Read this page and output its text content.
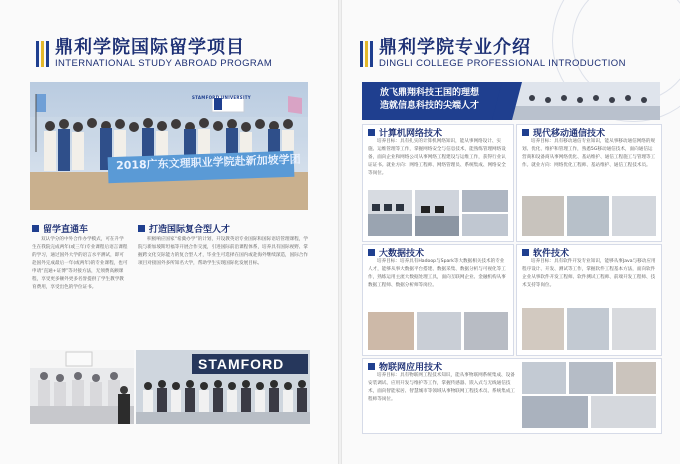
鼎利学院国际留学项目
INTERNATIONAL STUDY ABROAD PROGRAM
STAMFORD UNIVERSITY
2018广东文理职业学院赴新加坡学团
留学直通车
双认学分的中外合作办学模式，可在升学生在我院完成两年(或三年)专业课程后语言课程的学习，通过国外大学的语言水平测试，即可赴国外完成最后一年(或两年)的专业课程，也可申请“直通+证博”等对接方法，无须费高额课程，享受更多额外更多名誉提供了学生教学教育费用，享受出色的学位证书。
打造国际复合型人才
积极响应国家“希冀办学”的计划，开设教英语专业国际和国际语培管理课程，学院与新加坡斯坦福等开展合作交流，引进国际前沿课程体系，培养具有国际视野、掌握跨文化交际能力的复合型人才，毕业生可选择在国内或赴海外继续深造，国际合作项目对接国外多所知名大学，帮助学生实现国际化发展目标。
STAMFORD
鼎利学院专业介绍
DINGLI COLLEGE PROFESSIONAL INTRODUCTION
放飞鼎翔科技王国的理想
造就信息科技的尖端人才
计算机网络技术
培养目标：具有扎实的计算机网络知识，能从事网络设计、实施、运维管理等工作，掌握网络安全与信息技术，能熟练管理网络设备，面向企业和网络公司从事网络工程建设与运维工作，获得行业认证证书。就业方向：网络工程师、网络管理员、系统集成、网络安全等岗位。
现代移动通信技术
培养目标：具有移动通信专业知识，能从事移动通信网络的规划、优化、维护和管理工作，熟悉5G移动通信技术，面向通信运营商和设备商从事网络优化、基站维护、通信工程施工与管理等工作。就业方向：网络优化工程师、基站维护、通信工程技术员。
大数据技术
培养目标：培养具有Hadoop与Spark等大数据相关技术的专业人才，能够从事大数据平台搭建、数据采集、数据分析与可视化等工作，熟练运用主流大数据处理工具，面向互联网企业、金融机构从事数据工程师、数据分析师等岗位。
软件技术
培养目标：具有软件开发专业知识，能够从事Java与移动应用程序设计、开发、测试等工作，掌握软件工程基本方法，面向软件企业从事软件开发工程师、软件测试工程师、前端开发工程师、技术支持等岗位。
物联网应用技术
培养目标：具有物联网工程技术知识，能从事物联网系统集成、设备安装调试、应用开发与维护等工作，掌握传感器、嵌入式与无线通信技术，面向智能家居、智慧城市等领域从事物联网工程技术员、系统集成工程师等岗位。
